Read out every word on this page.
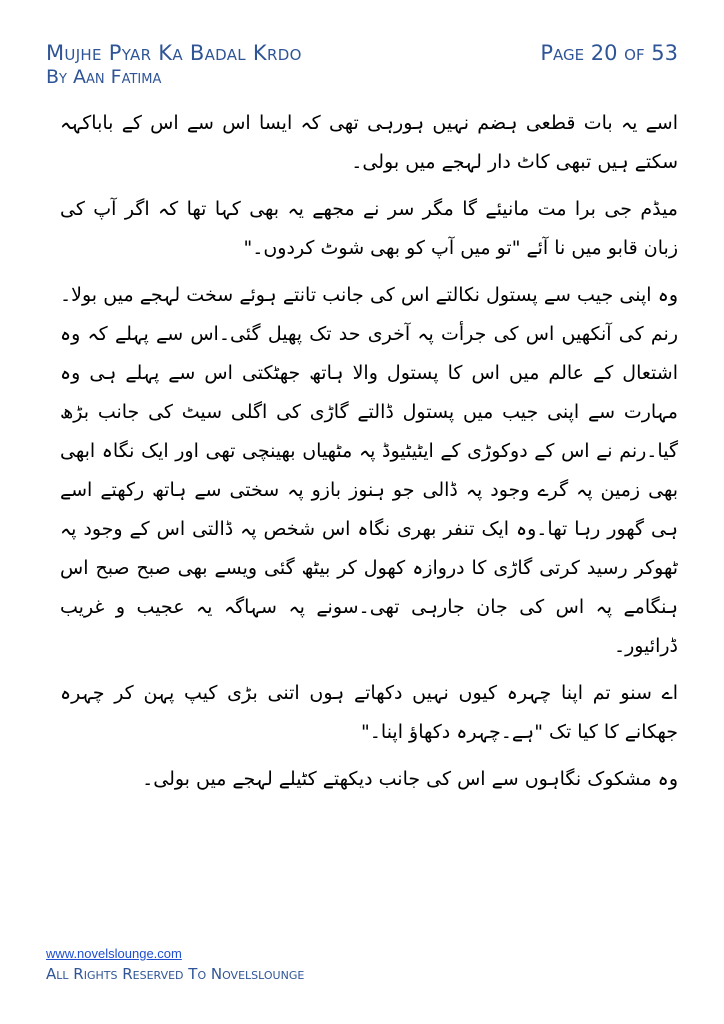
Mujhe Pyar Ka Badal Krdo
By Aan Fatima
Page 20 of 53

اسے یہ بات قطعی ہضم نہیں ہورہی تھی کہ ایسا اس سے اس کے باباکہہ سکتے ہیں تبھی کاٹ دار لہجے میں بولی۔

میڈم جی برا مت مانیئے گا مگر سر نے مجھے یہ بھی کہا تھا کہ اگر آپ کی زبان قابو میں نا آئے "تو میں آپ کو بھی شوٹ کردوں۔"

وہ اپنی جیب سے پستول نکالتے اس کی جانب تانتے ہوئے سخت لہجے میں بولا۔رنم کی آنکھیں اس کی جرأت پہ آخری حد تک پھیل گئی۔اس سے پہلے کہ وہ اشتعال کے عالم میں اس کا پستول والا ہاتھ جھٹکتی اس سے پہلے ہی وہ مہارت سے اپنی جیب میں پستول ڈالتے گاڑی کی اگلی سیٹ کی جانب بڑھ گیا۔رنم نے اس کے دوکوڑی کے ایٹیٹیوڈ پہ مٹھیاں بھینچی تھی اور ایک نگاہ ابھی بھی زمین پہ گرے وجود پہ ڈالی جو ہنوز بازو پہ سختی سے ہاتھ رکھتے اسے ہی گھور رہا تھا۔وہ ایک تنفر بھری نگاہ اس شخص پہ ڈالتی اس کے وجود پہ ٹھوکر رسید کرتی گاڑی کا دروازہ کھول کر بیٹھ گئی ویسے بھی صبح صبح اس ہنگامے پہ اس کی جان جارہی تھی۔سونے پہ سہاگہ یہ عجیب و غریب ڈرائیور۔

اے سنو تم اپنا چہرہ کیوں نہیں دکھاتے ہوں اتنی بڑی کیپ پہن کر چہرہ جھکانے کا کیا تک "ہے۔چہرہ دکھاؤ اپنا۔"

وہ مشکوک نگاہوں سے اس کی جانب دیکھتے کٹیلے لہجے میں بولی۔

www.novelslounge.com
All Rights Reserved To Novelslounge
